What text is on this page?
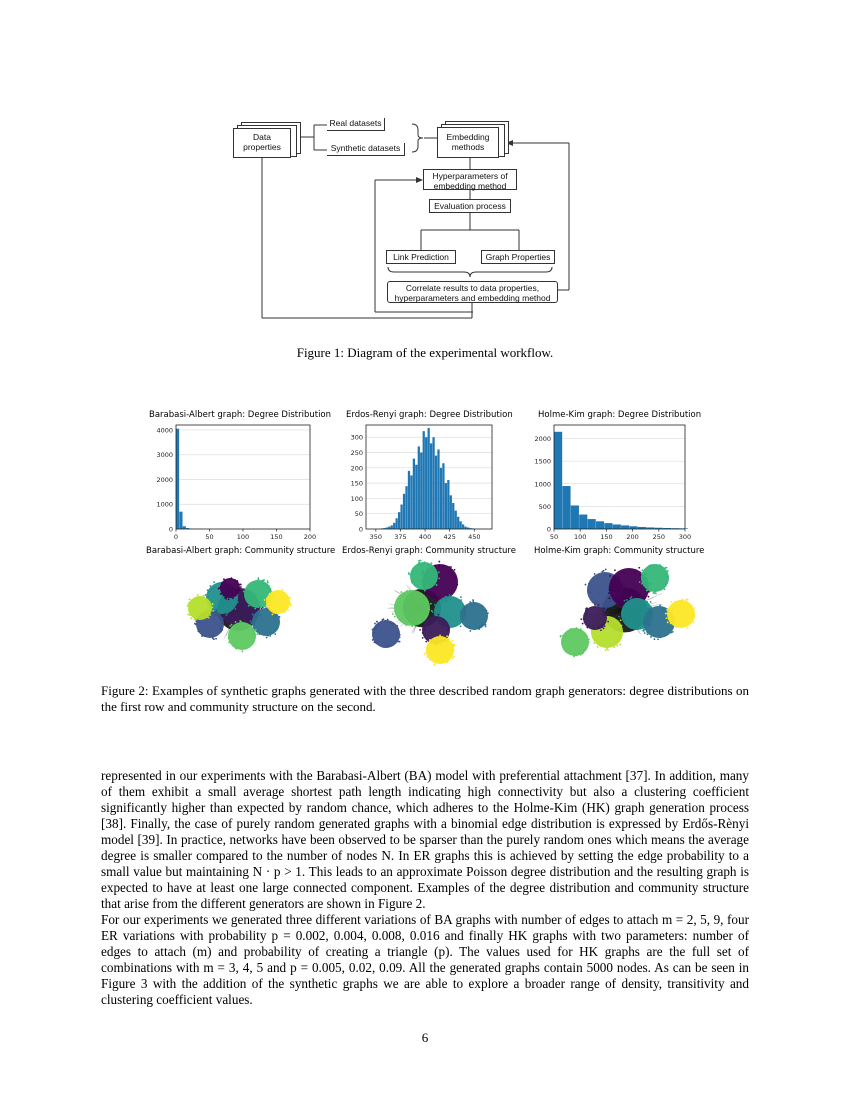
Data properties
Real datasets
Synthetic datasets
Embedding methods
Hyperparameters of embedding method
Evaluation process
Link Prediction	Graph Properties
Correlate results to data properties, hyperparameters and embedding method
Figure 1: Diagram of the experimental workflow.
Barabasi-Albert graph: Degree Distribution Erdos-Renyi graph: Degree Distribution	Holme-Kim graph: Degree Distribution
0
1000
2000
3000
4000
0	50	100	150	200
0
50
100
150
200
250
300
350 375 400 425 450
0
500
1000
1500
2000
50 100 150 200 250 300
Barabasi-Albert graph: Community structure Erdos-Renyi graph: Community structure Holme-Kim graph: Community structure
Figure 2: Examples of synthetic graphs generated with the three described random graph generators: degree distributions on the first row and community structure on the second.
represented in our experiments with the Barabasi-Albert (BA) model with preferential attachment [37]. In addition, many of them exhibit a small average shortest path length indicating high connectivity but also a clustering coefficient significantly higher than expected by random chance, which adheres to the Holme-Kim (HK) graph generation process [38]. Finally, the case of purely random generated graphs with a binomial edge distribution is expressed by Erdős-Rènyi model [39]. In practice, networks have been observed to be sparser than the purely random ones which means the average degree is smaller compared to the number of nodes N. In ER graphs this is achieved by setting the edge probability to a small value but maintaining N · p > 1. This leads to an approximate Poisson degree distribution and the resulting graph is expected to have at least one large connected component. Examples of the degree distribution and community structure that arise from the different generators are shown in Figure 2.
For our experiments we generated three different variations of BA graphs with number of edges to attach m = 2, 5, 9, four ER variations with probability p = 0.002, 0.004, 0.008, 0.016 and finally HK graphs with two parameters: number of edges to attach (m) and probability of creating a triangle (p). The values used for HK graphs are the full set of combinations with m = 3, 4, 5 and p = 0.005, 0.02, 0.09. All the generated graphs contain 5000 nodes. As can be seen in Figure 3 with the addition of the synthetic graphs we are able to explore a broader range of density, transitivity and clustering coefficient values.
6
